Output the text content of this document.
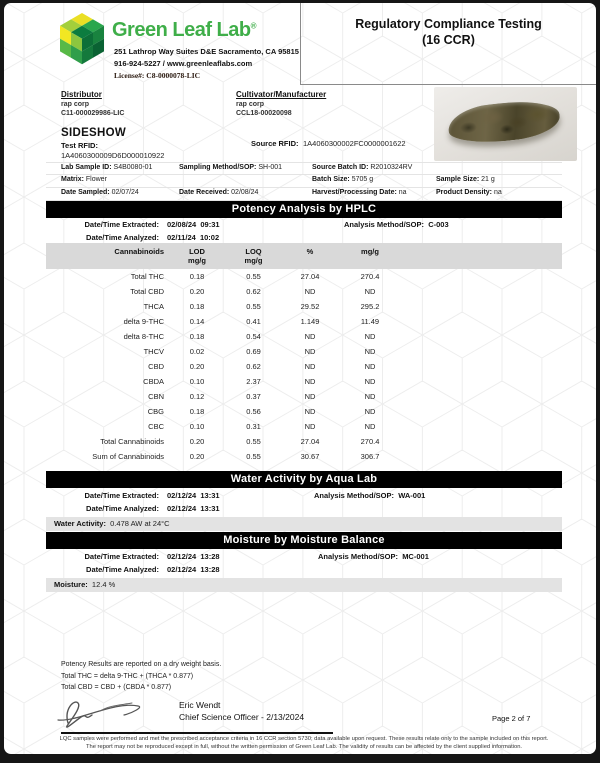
Green Leaf Lab®
251 Lathrop Way Suites D&E Sacramento, CA 95815
916-924-5227 / www.greenleaflabs.com
License#: C8-0000078-LIC
Regulatory Compliance Testing
(16 CCR)
Distributor
rap corp
C11-000029986-LIC
Cultivator/Manufacturer
rap corp
CCL18-00020098
SIDESHOW
Test RFID:
1A4060300009D6D000010922
Source RFID: 1A4060300002FC0000001622
Lab Sample ID: S4B0080-01	Sampling Method/SOP: SH-001	Source Batch ID: R2010324RV
Matrix: Flower	Batch Size: 5705 g	Sample Size: 21 g
Date Sampled: 02/07/24	Date Received: 02/08/24	Harvest/Processing Date: na	Product Density: na
Potency Analysis by HPLC
Date/Time Extracted: 02/08/24  09:31	Analysis Method/SOP:  C-003
Date/Time Analyzed: 02/11/24  10:02
Cannabinoids	LOD
mg/g
LOQ
mg/g
%	mg/g
Total THC	0.18	0.55	27.04	270.4
Total CBD	0.20	0.62	ND	ND
THCA	0.18	0.55	29.52	295.2
delta 9-THC	0.14	0.41	1.149	11.49
delta 8-THC	0.18	0.54	ND	ND
THCV	0.02	0.69	ND	ND
CBD	0.20	0.62	ND	ND
CBDA	0.10	2.37	ND	ND
CBN	0.12	0.37	ND	ND
CBG	0.18	0.56	ND	ND
CBC	0.10	0.31	ND	ND
Total Cannabinoids	0.20	0.55	27.04	270.4
Sum of Cannabinoids	0.20	0.55	30.67	306.7
Water Activity by Aqua Lab
Date/Time Extracted: 02/12/24  13:31	Analysis Method/SOP:  WA-001
Date/Time Analyzed: 02/12/24  13:31
Water Activity: 0.478 AW at 24°C
Moisture by Moisture Balance
Date/Time Extracted: 02/12/24  13:28	Analysis Method/SOP:  MC-001
Date/Time Analyzed: 02/12/24  13:28
Moisture: 12.4 %
Potency Results are reported on a dry weight basis.
Total THC = delta 9-THC + (THCA * 0.877)
Total CBD = CBD + (CBDA * 0.877)
Eric Wendt
Chief Science Officer - 2/13/2024	Page 2 of 7
LQC samples were performed and met the prescribed acceptance criteria in 16 CCR section 5730; data available upon request. These results relate only to the sample included on this report.
The report may not be reproduced except in full, without the written permission of Green Leaf Lab. The validity of results can be affected by the client supplied information.
